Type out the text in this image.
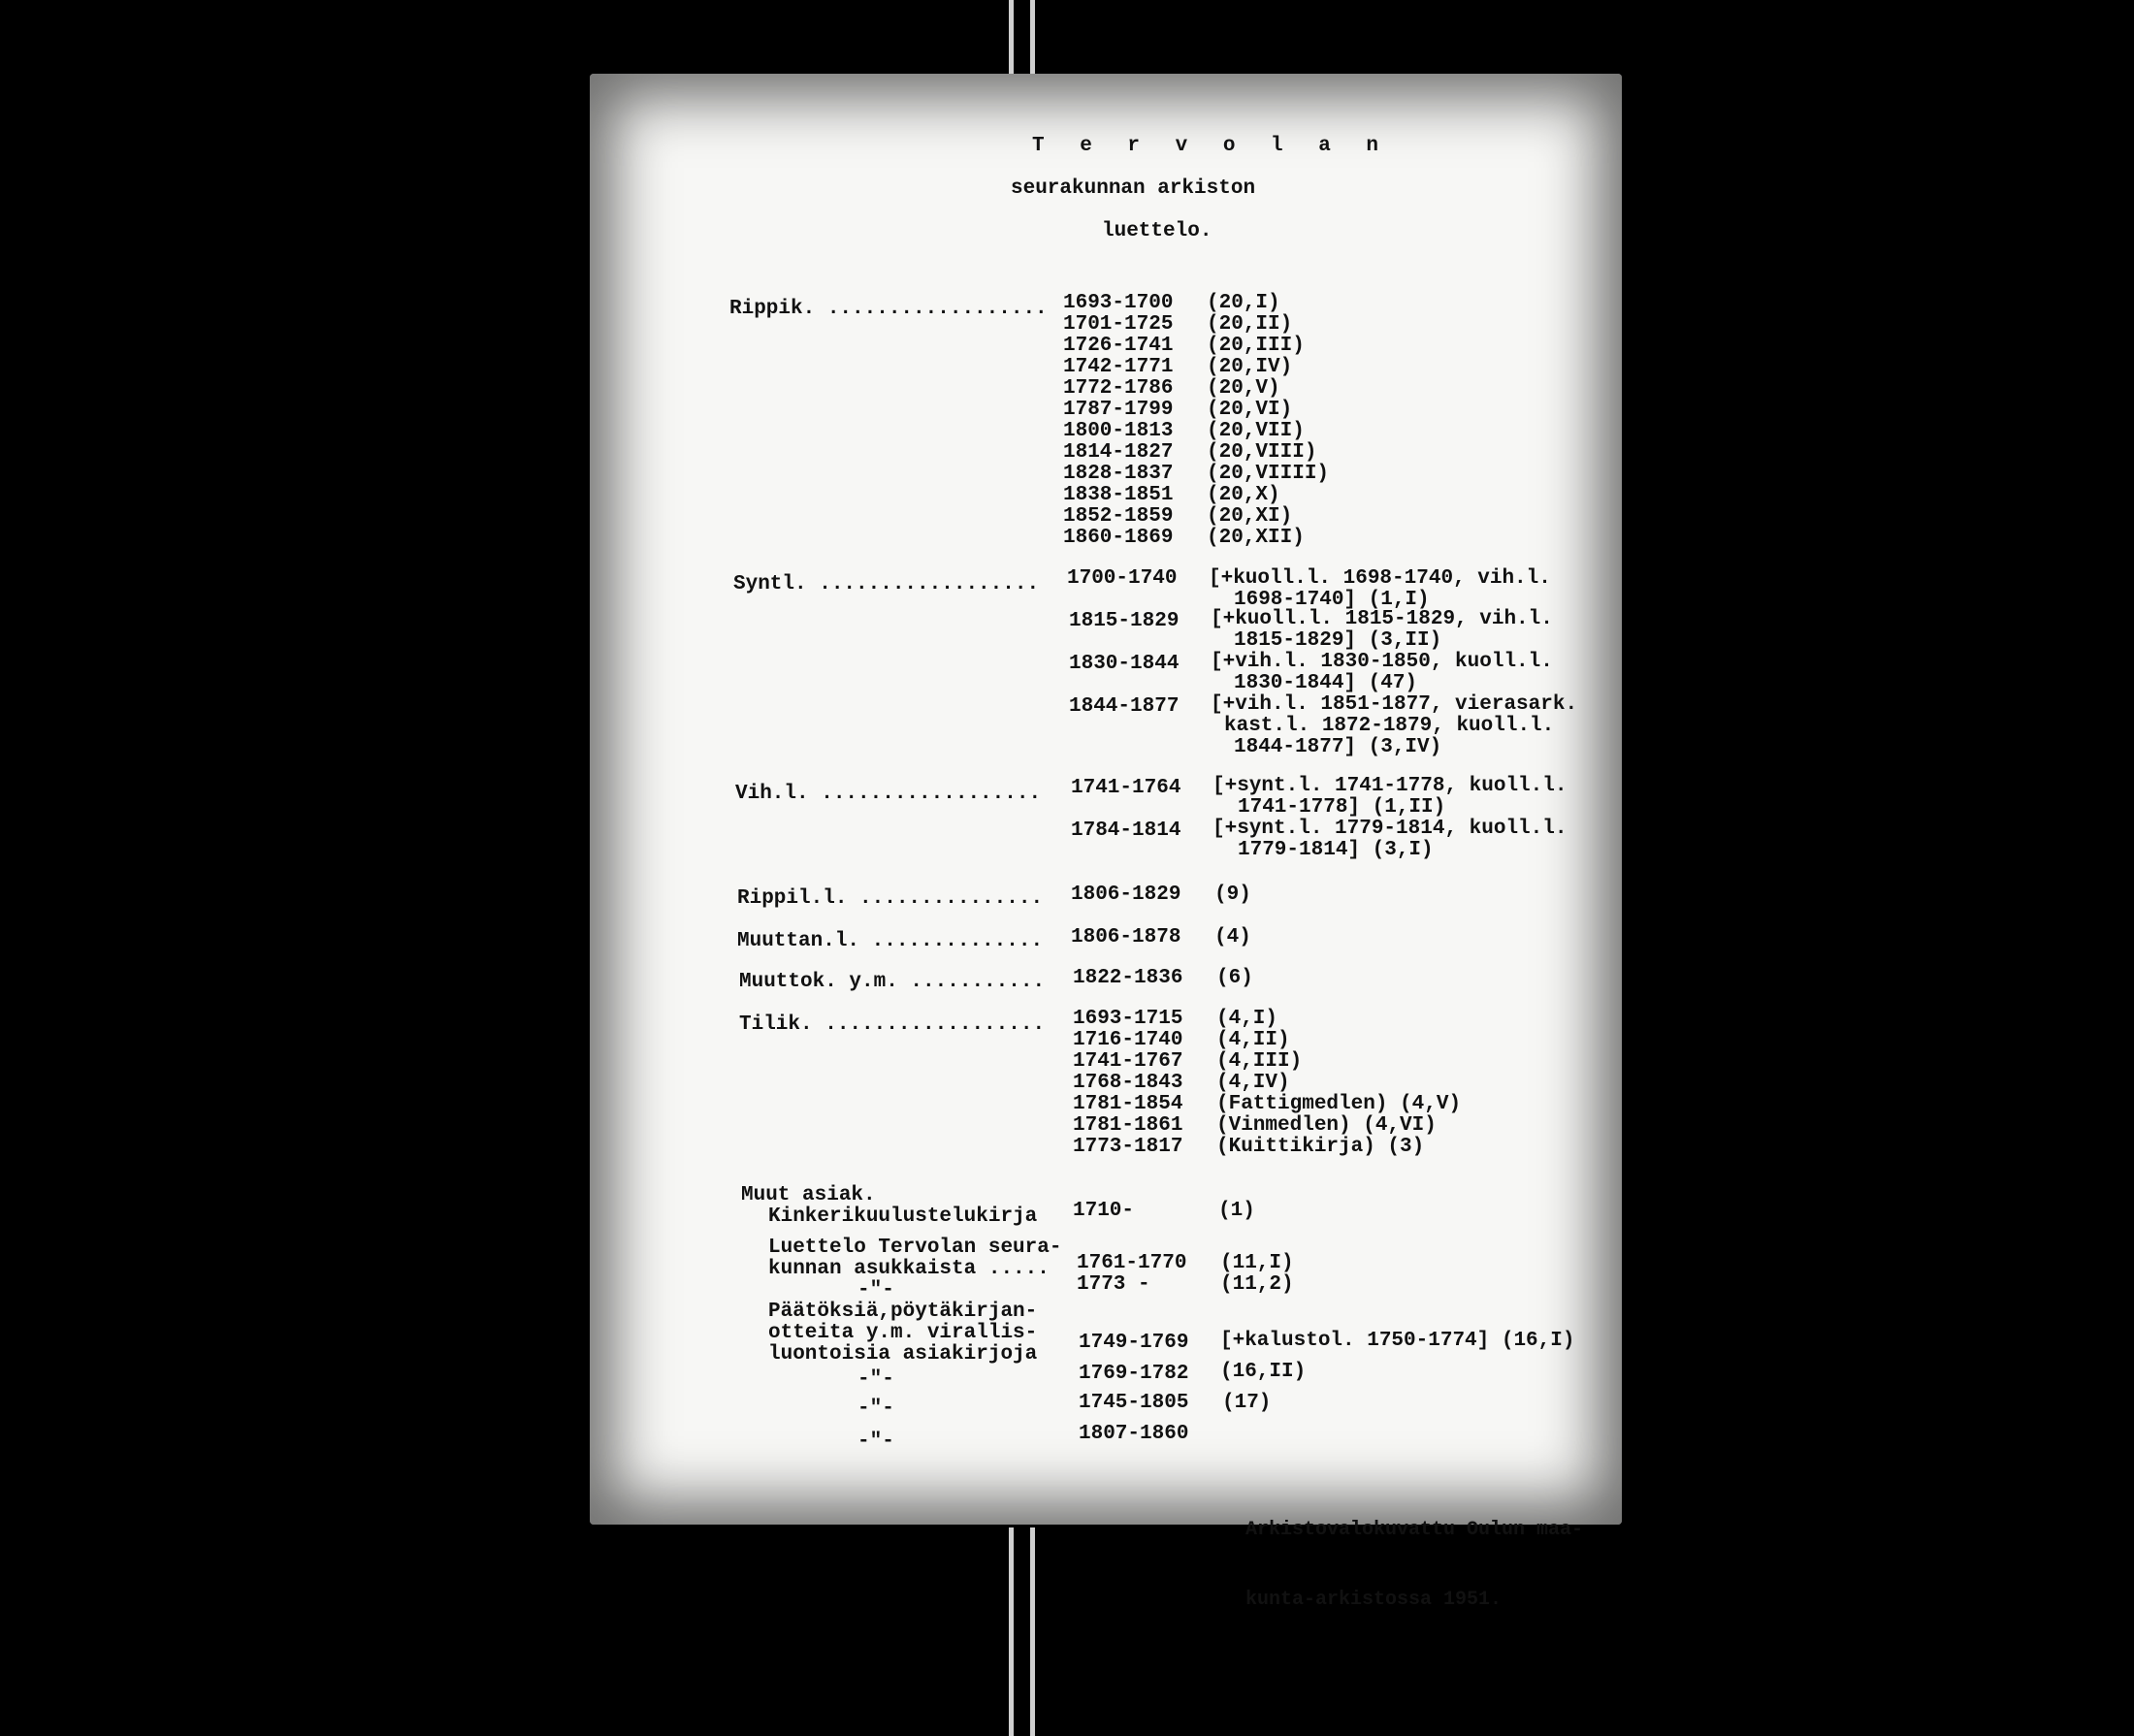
T e r v o l a n
seurakunnan arkiston
luettelo.
Rippik. .................. 1693-1700 (20,I)
1701-1725 (20,II)
1726-1741 (20,III)
1742-1771 (20,IV)
1772-1786 (20,V)
1787-1799 (20,VI)
1800-1813 (20,VII)
1814-1827 (20,VIII)
1828-1837 (20,VIIII)
1838-1851 (20,X)
1852-1859 (20,XI)
1860-1869 (20,XII)
Syntl. .................. 1700-1740 [+kuoll.l. 1698-1740, vih.l.
1698-1740] (1,I)
1815-1829 [+kuoll.l. 1815-1829, vih.l.
1815-1829] (3,II)
1830-1844 [+vih.l. 1830-1850, kuoll.l.
1830-1844] (47)
1844-1877 [+vih.l. 1851-1877, vierasark.
kast.l. 1872-1879, kuoll.l.
1844-1877] (3,IV)
Vih.l. .................. 1741-1764 [+synt.l. 1741-1778, kuoll.l.
1741-1778] (1,II)
1784-1814 [+synt.l. 1779-1814, kuoll.l.
1779-1814] (3,I)
Rippil.l. ............... 1806-1829 (9)
Muuttan.l. .............. 1806-1878 (4)
Muuttok. y.m. ........... 1822-1836 (6)
Tilik. .................. 1693-1715 (4,I)
1716-1740 (4,II)
1741-1767 (4,III)
1768-1843 (4,IV)
1781-1854 (Fattigmedlen) (4,V)
1781-1861 (Vinmedlen) (4,VI)
1773-1817 (Kuittikirja) (3)
Muut asiak.
Kinkerikuulustelukirja 1710-	(1)
Luettelo Tervolan seura-
kunnan asukkaista ..... 1761-1770 (11,I)
-"-	1773 -	(11,2)
Päätöksiä,pöytäkirjan-
otteita y.m. virallis-
luontoisia asiakirjoja
1749-1769 [+kalustol. 1750-1774] (16,I)
-"-	1769-1782 (16,II)
-"-	1745-1805 (17)
-"-	1807-1860

Arkistovalokuvattu Oulun maa-

kunta-arkistossa 1951.
